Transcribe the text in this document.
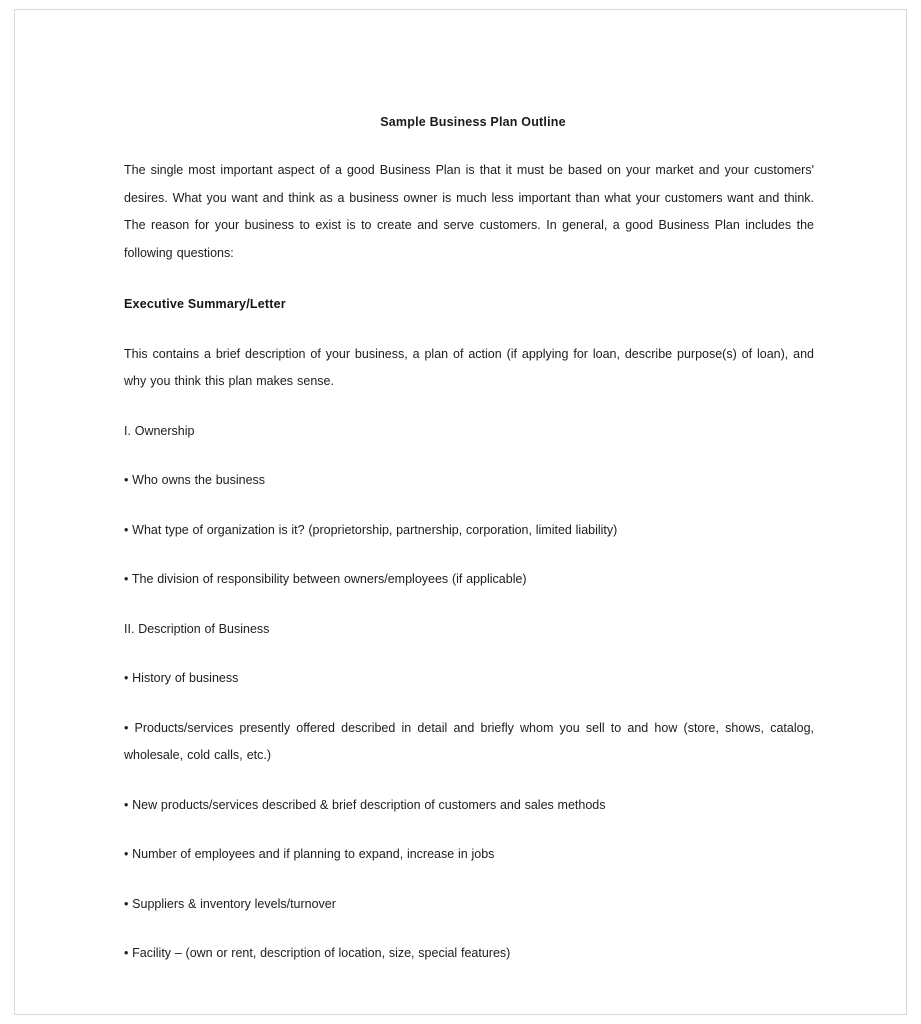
Sample Business Plan Outline

The single most important aspect of a good Business Plan is that it must be based on your market and your customers' desires. What you want and think as a business owner is much less important than what your customers want and think. The reason for your business to exist is to create and serve customers. In general, a good Business Plan includes the following questions:

Executive Summary/Letter

This contains a brief description of your business, a plan of action (if applying for loan, describe purpose(s) of loan), and why you think this plan makes sense.

I. Ownership

• Who owns the business

• What type of organization is it? (proprietorship, partnership, corporation, limited liability)

• The division of responsibility between owners/employees (if applicable)

II. Description of Business

• History of business

• Products/services presently offered described in detail and briefly whom you sell to and how (store, shows, catalog, wholesale, cold calls, etc.)

• New products/services described & brief description of customers and sales methods

• Number of employees and if planning to expand, increase in jobs

• Suppliers & inventory levels/turnover

• Facility – (own or rent, description of location, size, special features)
